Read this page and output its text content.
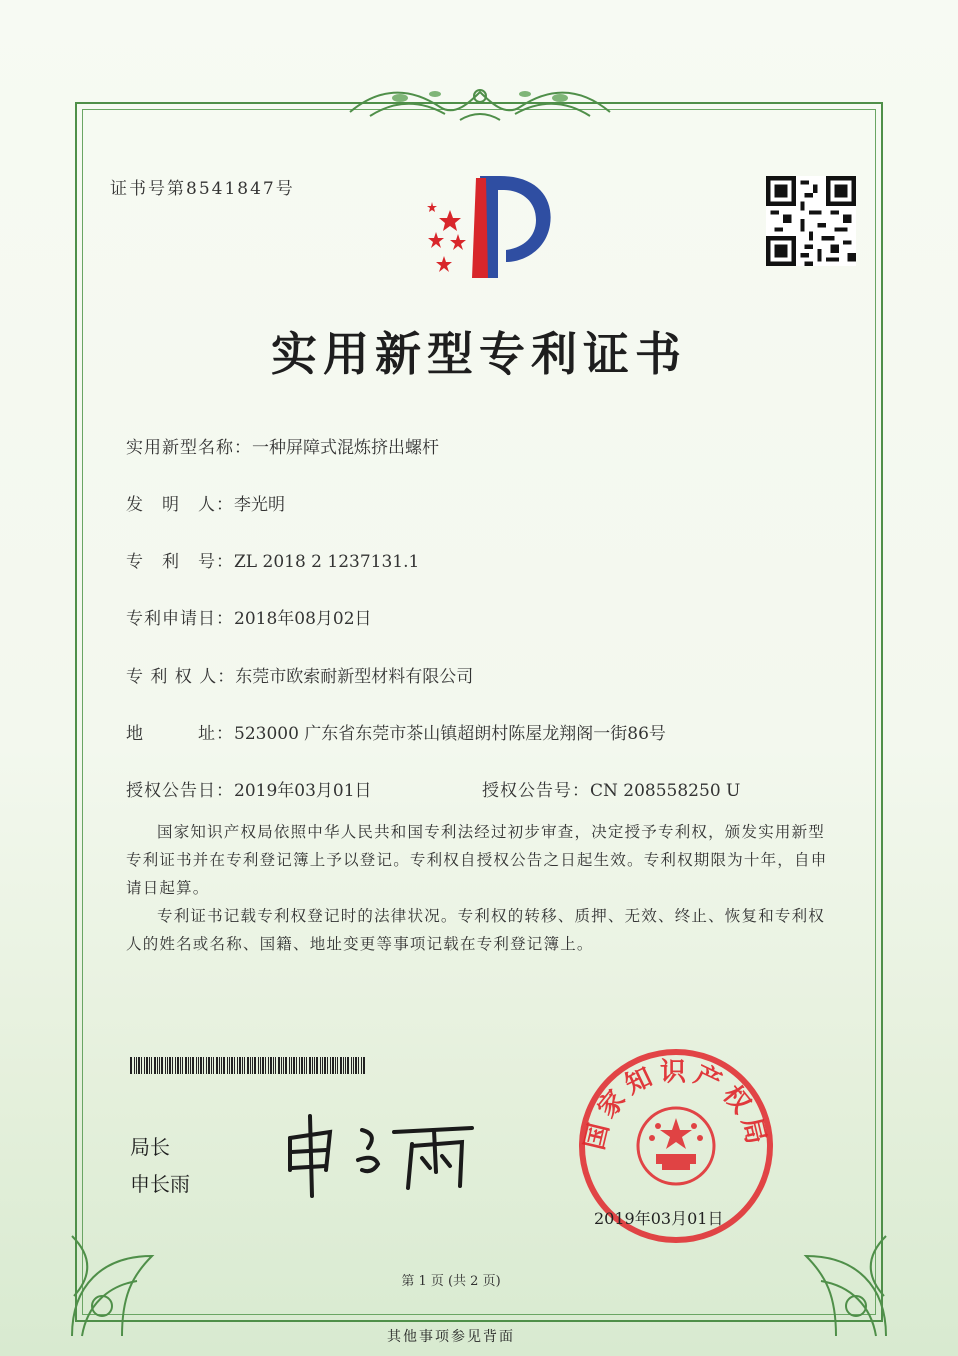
证书号第8541847号
实用新型专利证书
实用新型名称：一种屏障式混炼挤出螺杆
发　明　人：李光明
专　利　号：ZL 2018 2 1237131.1
专利申请日：2018年08月02日
专 利 权 人：东莞市欧索耐新型材料有限公司
地　　　址：523000 广东省东莞市茶山镇超朗村陈屋龙翔阁一街86号
授权公告日：2019年03月01日	授权公告号：CN 208558250 U

国家知识产权局依照中华人民共和国专利法经过初步审查，决定授予专利权，颁发实用新型专利证书并在专利登记簿上予以登记。专利权自授权公告之日起生效。专利权期限为十年，自申请日起算。

专利证书记载专利权登记时的法律状况。专利权的转移、质押、无效、终止、恢复和专利权人的姓名或名称、国籍、地址变更等事项记载在专利登记簿上。

局长
申长雨
国家知识产权局
2019年03月01日
第 1 页 (共 2 页)
其他事项参见背面
